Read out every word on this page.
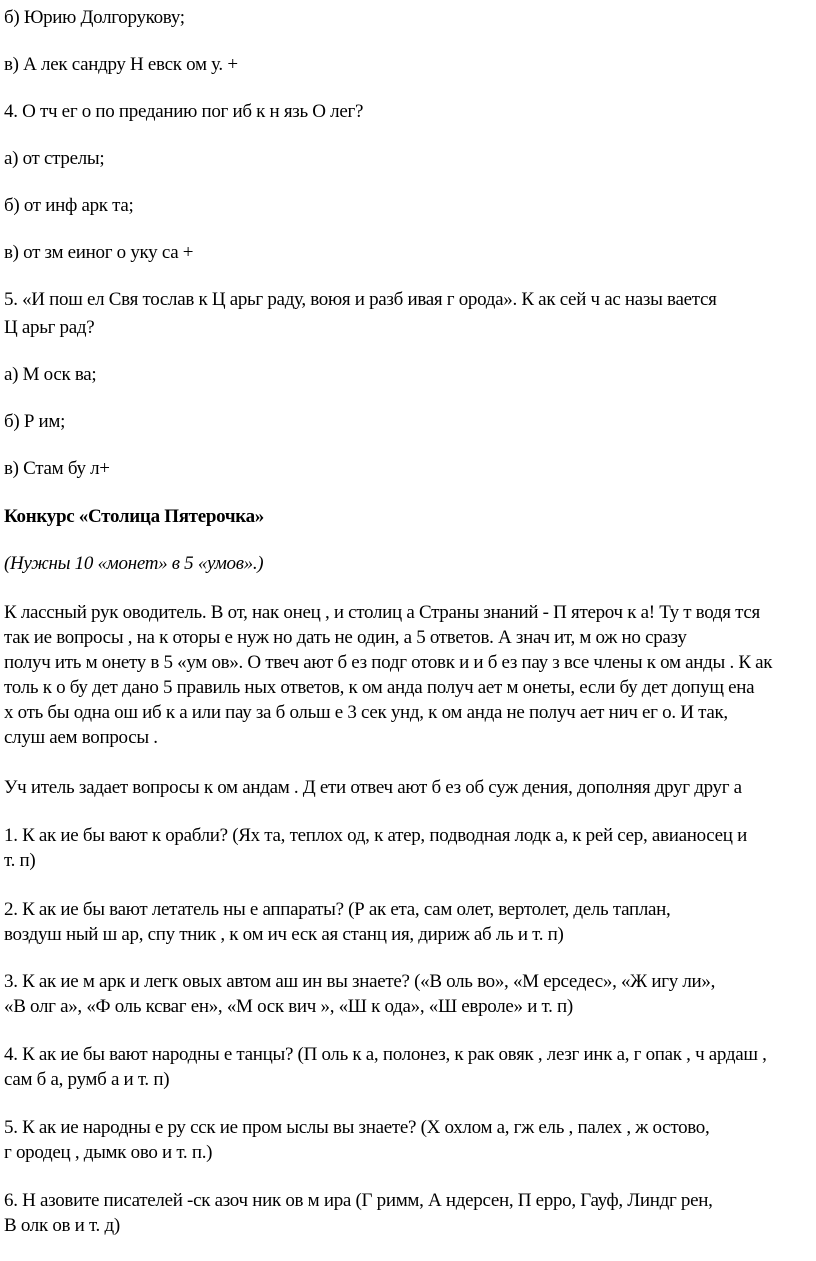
б) Юрию Долгорукову;
в) А лек сандру Н евск ом у. +
4. О тч ег о по преданию пог иб к н язь О лег?
а) от стрелы;
б) от инф арк та;
в) от зм еиног о уку са +
5. «И пош ел Свя тослав к Ц арьг раду, воюя и разб ивая г орода». К ак сей ч ас назы вается
Ц арьг рад?
а) М оск ва;
б) Р им;
в) Стам бу л+
Конкурс «Столица Пятерочка»
(Нужны 10 «монет» в 5 «умов».)
К лассный рук оводитель. В от, нак онец , и столиц а Страны знаний - П ятероч к а! Ту т водя тся
так ие вопросы , на к оторы е нуж но дать не один, а 5 ответов. А знач ит, м ож но сразу
получ ить м онету в 5 «ум ов». О твеч ают б ез подг отовк и и б ез пау з все члены к ом анды . К ак
толь к о бу дет дано 5 правиль ных ответов, к ом анда получ ает м онеты, если бу дет допущ ена
х оть бы одна ош иб к а или пау за б ольш е 3 сек унд, к ом анда не получ ает нич ег о. И так,
слуш аем вопросы .
Уч итель задает вопросы к ом андам . Д ети отвеч ают б ез об суж дения, дополняя друг друг а
1. К ак ие бы вают к орабли? (Ях та, теплох од, к атер, подводная лодк а, к рей сер, авианосец и
т. п)
2. К ак ие бы вают летатель ны е аппараты? (Р ак ета, сам олет, вертолет, дель таплан,
воздуш ный ш ар, спу тник , к ом ич еск ая станц ия, дириж аб ль и т. п)
3. К ак ие м арк и легк овых автом аш ин вы знаете? («В оль во», «М ерседес», «Ж игу ли»,
«В олг а», «Ф оль ксваг ен», «М оск вич », «Ш к ода», «Ш евроле» и т. п)
4. К ак ие бы вают народны е танцы? (П оль к а, полонез, к рак овяк , лезг инк а, г опак , ч ардаш ,
сам б а, румб а и т. п)
5. К ак ие народны е ру сск ие пром ыслы вы знаете? (Х охлом а, гж ель , палех , ж остово,
г ородец , дымк ово и т. п.)
6. Н азовите писателей -ск азоч ник ов м ира (Г римм, А ндерсен, П ерро, Гауф, Линдг рен,
В олк ов и т. д)
